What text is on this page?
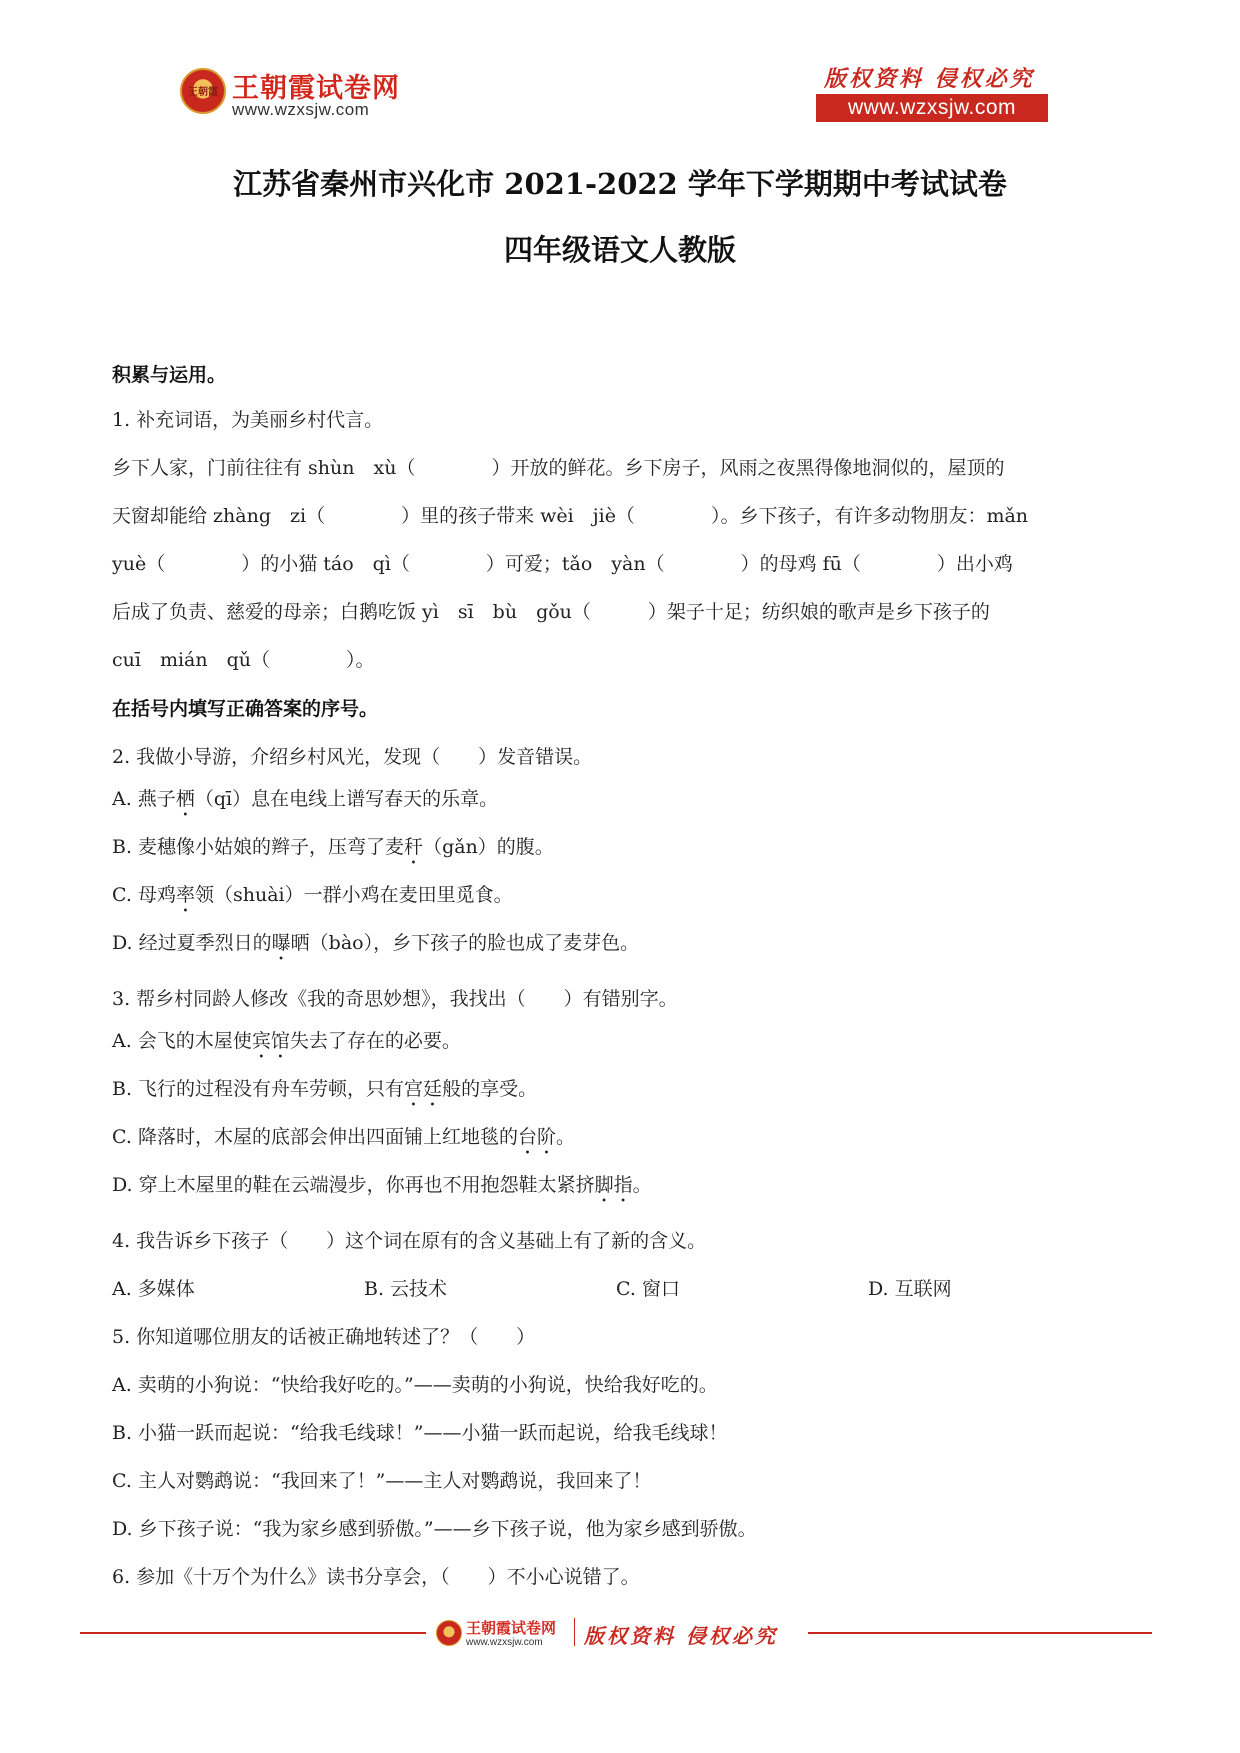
王朝霞 王朝霞试卷网
www.wzxsjw.com
版权资料 侵权必究
www.wzxsjw.com
江苏省秦州市兴化市 2021-2022 学年下学期期中考试试卷
四年级语文人教版
积累与运用。
1. 补充词语，为美丽乡村代言。
乡下人家，门前往往有 shùn　xù（　　　　）开放的鲜花。乡下房子，风雨之夜黑得像地洞似的，屋顶的
天窗却能给 zhàng　zi（　　　　）里的孩子带来 wèi　jiè（　　　　）。乡下孩子，有许多动物朋友：mǎn
yuè（　　　　）的小猫 táo　qì（　　　　）可爱；tǎo　yàn（　　　　）的母鸡 fū（　　　　）出小鸡
后成了负责、慈爱的母亲；白鹅吃饭 yì　sī　bù　gǒu（　　　）架子十足；纺织娘的歌声是乡下孩子的
cuī　mián　qǔ（　　　　）。
在括号内填写正确答案的序号。
2. 我做小导游，介绍乡村风光，发现（　　）发音错误。
A. 燕子栖（qī）息在电线上谱写春天的乐章。
B. 麦穗像小姑娘的辫子，压弯了麦秆（gǎn）的腹。
C. 母鸡率领（shuài）一群小鸡在麦田里觅食。
D. 经过夏季烈日的曝晒（bào），乡下孩子的脸也成了麦芽色。
3. 帮乡村同龄人修改《我的奇思妙想》，我找出（　　）有错别字。
A. 会飞的木屋使宾馆失去了存在的必要。
B. 飞行的过程没有舟车劳顿，只有宫廷般的享受。
C. 降落时，木屋的底部会伸出四面铺上红地毯的台阶。
D. 穿上木屋里的鞋在云端漫步，你再也不用抱怨鞋太紧挤脚指。
4. 我告诉乡下孩子（　　）这个词在原有的含义基础上有了新的含义。
A. 多媒体	B. 云技术	C. 窗口	D. 互联网
5. 你知道哪位朋友的话被正确地转述了？（　　）
A. 卖萌的小狗说：“快给我好吃的。”——卖萌的小狗说，快给我好吃的。
B. 小猫一跃而起说：“给我毛线球！”——小猫一跃而起说，给我毛线球！
C. 主人对鹦鹉说：“我回来了！”——主人对鹦鹉说，我回来了！
D. 乡下孩子说：“我为家乡感到骄傲。”——乡下孩子说，他为家乡感到骄傲。
6. 参加《十万个为什么》读书分享会，（　　）不小心说错了。
王朝霞试卷网
www.wzxsjw.com 版权资料 侵权必究
